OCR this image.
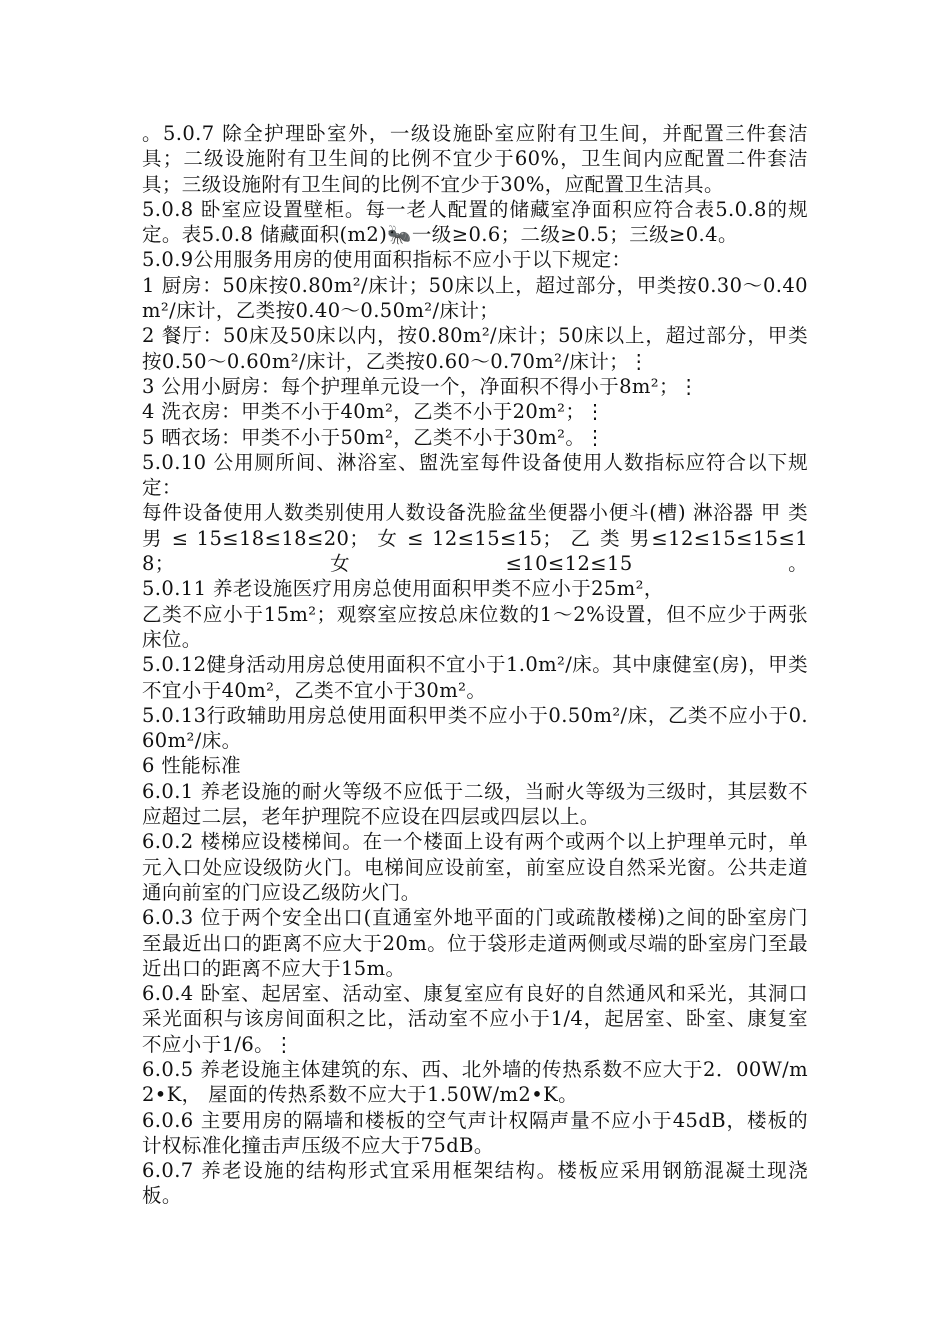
。5.0.7 除全护理卧室外，一级设施卧室应附有卫生间，并配置三件套洁具；二级设施附有卫生间的比例不宜少于60%，卫生间内应配置二件套洁具；三级设施附有卫生间的比例不宜少于30%，应配置卫生洁具。

5.0.8 卧室应设置壁柜。每一老人配置的储藏室净面积应符合表5.0.8的规定。表5.0.8 储藏面积(m2)🐜一级≥0.6；二级≥0.5；三级≥0.4。

5.0.9公用服务用房的使用面积指标不应小于以下规定：

1 厨房：50床按0.80m²/床计；50床以上，超过部分，甲类按0.30～0.40m²/床计，乙类按0.40～0.50m²/床计；

2 餐厅：50床及50床以内，按0.80m²/床计；50床以上，超过部分，甲类按0.50～0.60m²/床计，乙类按0.60～0.70m²/床计；⋮

3 公用小厨房：每个护理单元设一个，净面积不得小于8m²；⋮

4 洗衣房：甲类不小于40m²，乙类不小于20m²；⋮

5 晒衣场：甲类不小于50m²，乙类不小于30m²。⋮

5.0.10 公用厕所间、淋浴室、盥洗室每件设备使用人数指标应符合以下规定：

每件设备使用人数类别使用人数设备洗脸盆坐便器小便斗(槽) 淋浴器 甲 类 男 ≤ 15≤18≤18≤20； 女 ≤ 12≤15≤15； 乙 类 男≤12≤15≤15≤18；女≤10≤12≤15。

5.0.11 养老设施医疗用房总使用面积甲类不应小于25m²，

乙类不应小于15m²；观察室应按总床位数的1～2%设置，但不应少于两张床位。

5.0.12健身活动用房总使用面积不宜小于1.0m²/床。其中康健室(房)，甲类不宜小于40m²，乙类不宜小于30m²。

5.0.13行政辅助用房总使用面积甲类不应小于0.50m²/床，乙类不应小于0.60m²/床。

6 性能标准

6.0.1 养老设施的耐火等级不应低于二级，当耐火等级为三级时，其层数不应超过二层，老年护理院不应设在四层或四层以上。

6.0.2 楼梯应设楼梯间。在一个楼面上设有两个或两个以上护理单元时，单元入口处应设级防火门。电梯间应设前室，前室应设自然采光窗。公共走道通向前室的门应设乙级防火门。

6.0.3 位于两个安全出口(直通室外地平面的门或疏散楼梯)之间的卧室房门至最近出口的距离不应大于20m。位于袋形走道两侧或尽端的卧室房门至最近出口的距离不应大于15m。

6.0.4 卧室、起居室、活动室、康复室应有良好的自然通风和采光，其洞口采光面积与该房间面积之比，活动室不应小于1/4，起居室、卧室、康复室不应小于1/6。⋮

6.0.5 养老设施主体建筑的东、西、北外墙的传热系数不应大于2．00W/m2•K， 屋面的传热系数不应大于1.50W/m2•K。

6.0.6 主要用房的隔墙和楼板的空气声计权隔声量不应小于45dB，楼板的计权标准化撞击声压级不应大于75dB。

6.0.7 养老设施的结构形式宜采用框架结构。楼板应采用钢筋混凝土现浇板。
